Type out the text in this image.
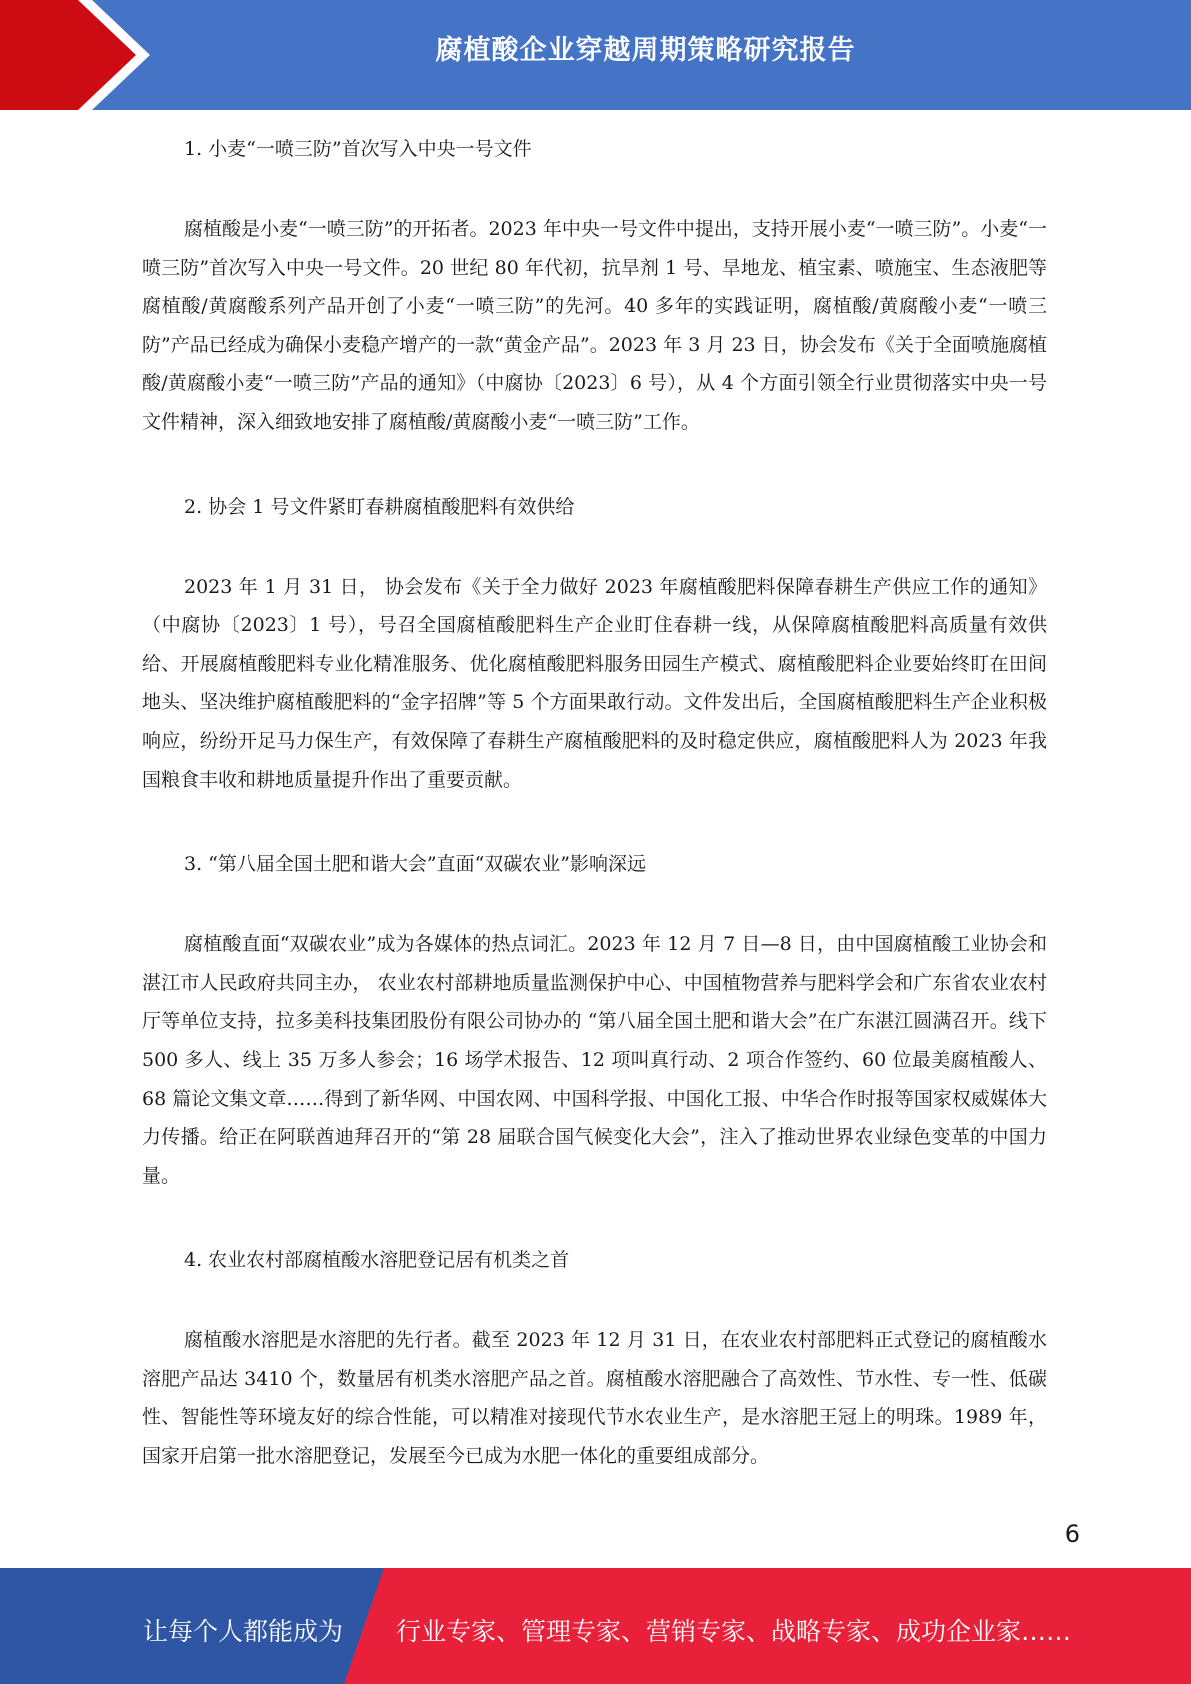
腐植酸企业穿越周期策略研究报告

1. 小麦“一喷三防”首次写入中央一号文件

腐植酸是小麦“一喷三防”的开拓者。2023 年中央一号文件中提出，支持开展小麦“一喷三防”。小麦“一喷三防”首次写入中央一号文件。20 世纪 80 年代初，抗旱剂 1 号、旱地龙、植宝素、喷施宝、生态液肥等腐植酸/黄腐酸系列产品开创了小麦“一喷三防”的先河。40 多年的实践证明，腐植酸/黄腐酸小麦“一喷三防”产品已经成为确保小麦稳产增产的一款“黄金产品”。2023 年 3 月 23 日，协会发布《关于全面喷施腐植酸/黄腐酸小麦“一喷三防”产品的通知》（中腐协〔2023〕6 号），从 4 个方面引领全行业贯彻落实中央一号文件精神，深入细致地安排了腐植酸/黄腐酸小麦“一喷三防”工作。

2. 协会 1 号文件紧盯春耕腐植酸肥料有效供给

2023 年 1 月 31 日， 协会发布《关于全力做好 2023 年腐植酸肥料保障春耕生产供应工作的通知》（中腐协〔2023〕1 号），号召全国腐植酸肥料生产企业盯住春耕一线，从保障腐植酸肥料高质量有效供给、开展腐植酸肥料专业化精准服务、优化腐植酸肥料服务田园生产模式、腐植酸肥料企业要始终盯在田间地头、坚决维护腐植酸肥料的“金字招牌”等 5 个方面果敢行动。文件发出后，全国腐植酸肥料生产企业积极响应，纷纷开足马力保生产，有效保障了春耕生产腐植酸肥料的及时稳定供应，腐植酸肥料人为 2023 年我国粮食丰收和耕地质量提升作出了重要贡献。

3. “第八届全国土肥和谐大会”直面“双碳农业”影响深远

腐植酸直面“双碳农业”成为各媒体的热点词汇。2023 年 12 月 7 日—8 日，由中国腐植酸工业协会和湛江市人民政府共同主办， 农业农村部耕地质量监测保护中心、中国植物营养与肥料学会和广东省农业农村厅等单位支持，拉多美科技集团股份有限公司协办的 “第八届全国土肥和谐大会”在广东湛江圆满召开。线下 500 多人、线上 35 万多人参会；16 场学术报告、12 项叫真行动、2 项合作签约、60 位最美腐植酸人、68 篇论文集文章……得到了新华网、中国农网、中国科学报、中国化工报、中华合作时报等国家权威媒体大力传播。给正在阿联酋迪拜召开的“第 28 届联合国气候变化大会”，注入了推动世界农业绿色变革的中国力量。

4. 农业农村部腐植酸水溶肥登记居有机类之首

腐植酸水溶肥是水溶肥的先行者。截至 2023 年 12 月 31 日，在农业农村部肥料正式登记的腐植酸水溶肥产品达 3410 个，数量居有机类水溶肥产品之首。腐植酸水溶肥融合了高效性、节水性、专一性、低碳性、智能性等环境友好的综合性能，可以精准对接现代节水农业生产，是水溶肥王冠上的明珠。1989 年，国家开启第一批水溶肥登记，发展至今已成为水肥一体化的重要组成部分。

6
让每个人都能成为 行业专家、管理专家、营销专家、战略专家、成功企业家……
